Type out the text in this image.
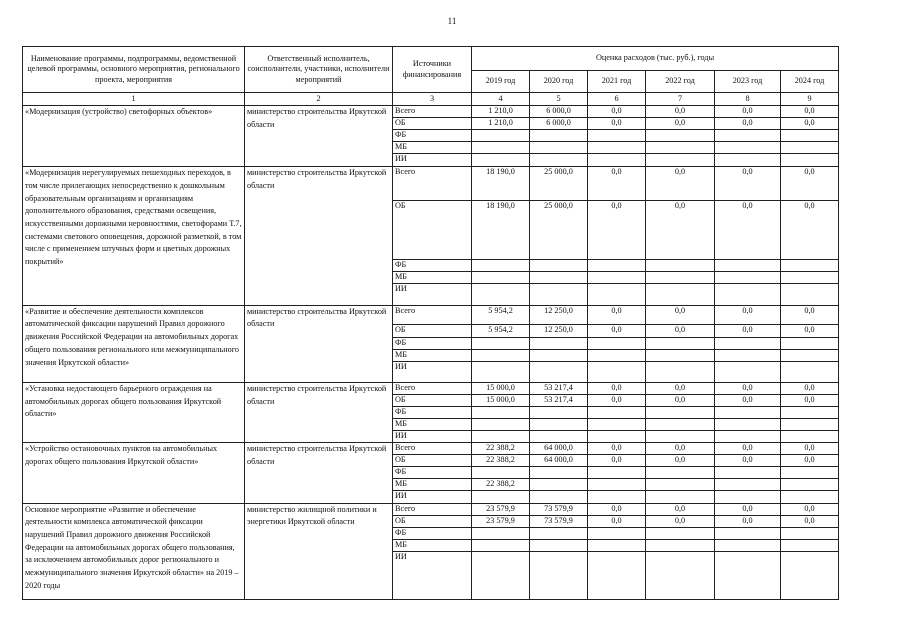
11
Наименование программы, подпрограммы, ведомственной целевой программы, основного мероприятия, регионального проекта, мероприятия	Ответственный исполнитель, соисполнители, участники, исполнители мероприятий	Источники финансирования	Оценка расходов (тыс. руб.), годы					
			2019 год	2020 год	2021 год	2022 год	2023 год	2024 год
1	2	3	4	5	6	7	8	9
«Модернизация (устройство) светофорных объектов»	министерство строительства Иркутской области	Всего	1 210,0	6 000,0	0,0	0,0	0,0	0,0
		ОБ	1 210,0	6 000,0	0,0	0,0	0,0	0,0
		ФБ						
		МБ						
		ИИ						
«Модернизация нерегулируемых пешеходных переходов, в том числе прилегающих непосредственно к дошкольным образовательным организациям и организациям дополнительного образования, средствами освещения, искусственными дорожными неровностями, светофорами Т.7, системами светового оповещения, дорожной разметкой, в том числе с применением штучных форм и цветных дорожных покрытий»	министерство строительства Иркутской области	Всего	18 190,0	25 000,0	0,0	0,0	0,0	0,0
		ОБ	18 190,0	25 000,0	0,0	0,0	0,0	0,0
		ФБ						
		МБ						
		ИИ						
«Развитие и обеспечение деятельности комплексов автоматической фиксации нарушений Правил дорожного движения Российской Федерации на автомобильных дорогах общего пользования регионального или межмуниципального значения Иркутской области»	министерство строительства Иркутской области	Всего	5 954,2	12 250,0	0,0	0,0	0,0	0,0
		ОБ	5 954,2	12 250,0	0,0	0,0	0,0	0,0
		ФБ						
		МБ						
		ИИ						
«Установка недостающего барьерного ограждения на автомобильных дорогах общего пользования Иркутской области»	министерство строительства Иркутской области	Всего	15 000,0	53 217,4	0,0	0,0	0,0	0,0
		ОБ	15 000,0	53 217,4	0,0	0,0	0,0	0,0
		ФБ						
		МБ						
		ИИ						
«Устройство остановочных пунктов на автомобильных дорогах общего пользования Иркутской области»	министерство строительства Иркутской области	Всего	22 388,2	64 000,0	0,0	0,0	0,0	0,0
		ОБ	22 388,2	64 000,0	0,0	0,0	0,0	0,0
		ФБ						
		МБ	22 388,2					
		ИИ						
Основное мероприятие «Развитие и обеспечение деятельности комплекса автоматической фиксации нарушений Правил дорожного движения Российской Федерации на автомобильных дорогах общего пользования, за исключением автомобильных дорог регионального и межмуниципального значения Иркутской области» на 2019 – 2020 годы	министерство жилищной политики и энергетики Иркутской области	Всего	23 579,9	73 579,9	0,0	0,0	0,0	0,0
		ОБ	23 579,9	73 579,9	0,0	0,0	0,0	0,0
		ФБ						
		МБ						
		ИИ						
